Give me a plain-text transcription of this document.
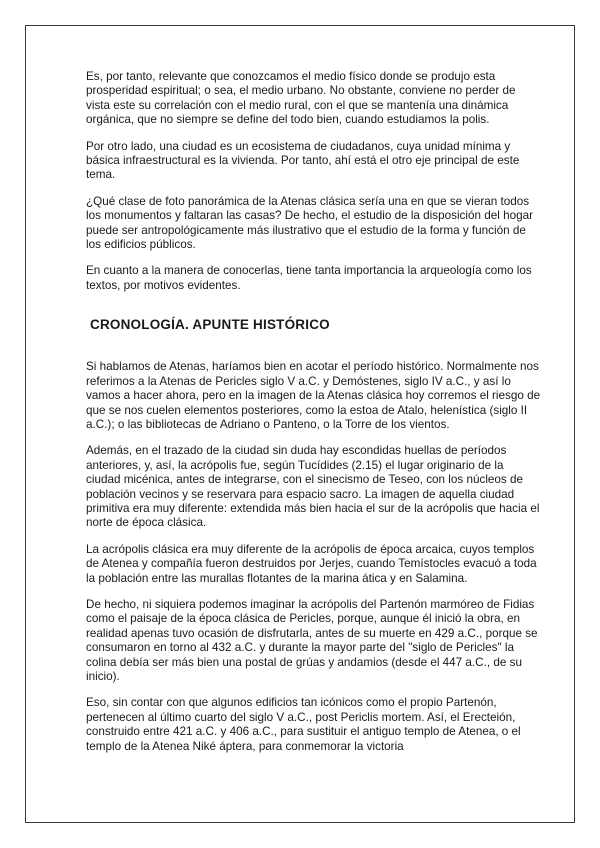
Es, por tanto, relevante que conozcamos el medio físico donde se produjo esta prosperidad espiritual; o sea, el medio urbano. No obstante, conviene no perder de vista este su correlación con el medio rural, con el que se mantenía una dinámica orgánica, que no siempre se define del todo bien, cuando estudiamos la polis.

Por otro lado, una ciudad es un ecosistema de ciudadanos, cuya unidad mínima y básica infraestructural es la vivienda. Por tanto, ahí está el otro eje principal de este tema.

¿Qué clase de foto panorámica de la Atenas clásica sería una en que se vieran todos los monumentos y faltaran las casas? De hecho, el estudio de la disposición del hogar puede ser antropológicamente más ilustrativo que el estudio de la forma y función de los edificios públicos.

En cuanto a la manera de conocerlas, tiene tanta importancia la arqueología como los textos, por motivos evidentes.

CRONOLOGÍA. APUNTE HISTÓRICO

Si hablamos de Atenas, haríamos bien en acotar el período histórico. Normalmente nos referimos a la Atenas de Pericles siglo V a.C. y Demóstenes, siglo IV a.C., y así lo vamos a hacer ahora, pero en la imagen de la Atenas clásica hoy corremos el riesgo de que se nos cuelen elementos posteriores, como la estoa de Atalo, helenística (siglo II a.C.); o las bibliotecas de Adriano o Panteno, o la Torre de los vientos.

Además, en el trazado de la ciudad sin duda hay escondidas huellas de períodos anteriores, y, así, la acrópolis fue, según Tucídides (2.15) el lugar originario de la ciudad micénica, antes de integrarse, con el sinecismo de Teseo, con los núcleos de población vecinos y se reservara para espacio sacro. La imagen de aquella ciudad primitiva era muy diferente: extendida más bien hacia el sur de la acrópolis que hacia el norte de época clásica.

La acrópolis clásica era muy diferente de la acrópolis de época arcaica, cuyos templos de Atenea y compañía fueron destruidos por Jerjes, cuando Temístocles evacuó a toda la población entre las murallas flotantes de la marina ática y en Salamina.

De hecho, ni siquiera podemos imaginar la acrópolis del Partenón marmóreo de Fidias como el paisaje de la época clásica de Pericles, porque, aunque él inició la obra, en realidad apenas tuvo ocasión de disfrutarla, antes de su muerte en 429 a.C., porque se consumaron en torno al 432 a.C. y durante la mayor parte del "siglo de Pericles" la colina debía ser más bien una postal de grúas y andamios (desde el 447 a.C., de su inicio).

Eso, sin contar con que algunos edificios tan icónicos como el propio Partenón, pertenecen al último cuarto del siglo V a.C., post Periclis mortem. Así, el Erecteión, construido entre 421 a.C. y 406 a.C., para sustituir el antiguo templo de Atenea, o el templo de la Atenea Niké áptera, para conmemorar la victoria
